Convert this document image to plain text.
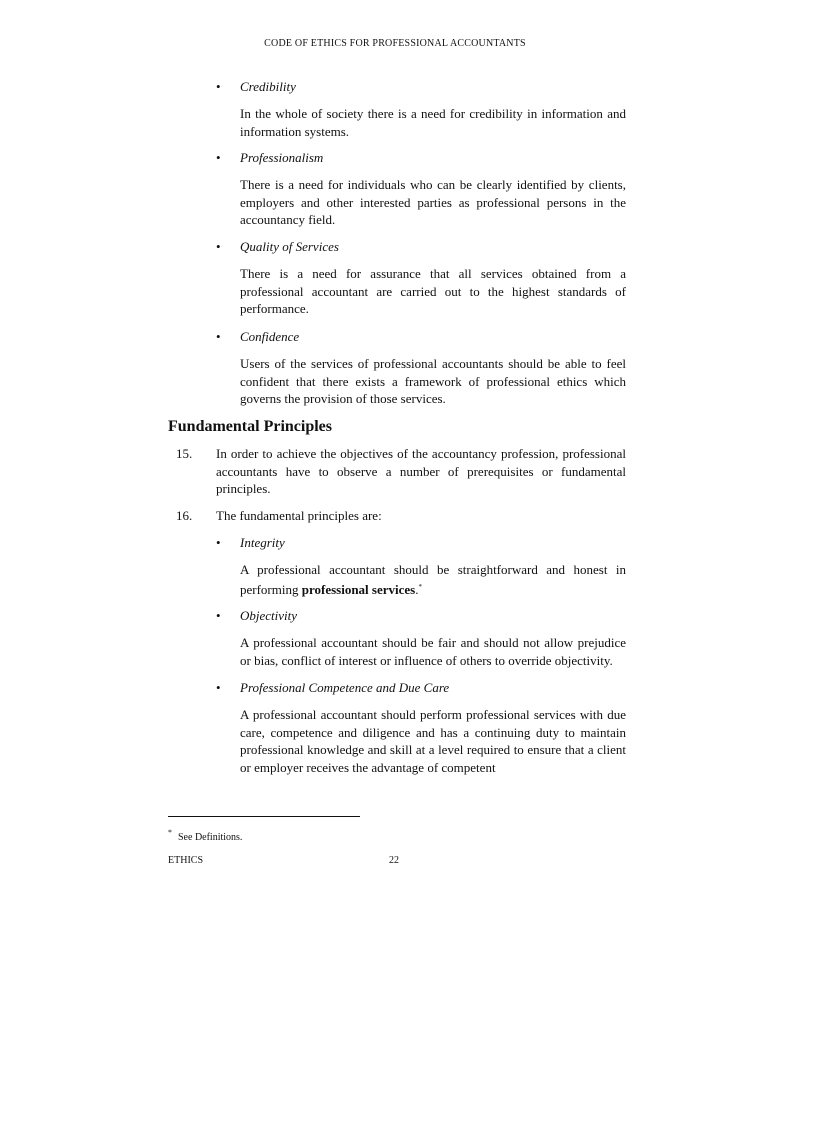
CODE OF ETHICS FOR PROFESSIONAL ACCOUNTANTS
• Credibility
In the whole of society there is a need for credibility in information and information systems.
• Professionalism
There is a need for individuals who can be clearly identified by clients, employers and other interested parties as professional persons in the accountancy field.
• Quality of Services
There is a need for assurance that all services obtained from a professional accountant are carried out to the highest standards of performance.
• Confidence
Users of the services of professional accountants should be able to feel confident that there exists a framework of professional ethics which governs the provision of those services.
Fundamental Principles
15. In order to achieve the objectives of the accountancy profession, professional accountants have to observe a number of prerequisites or fundamental principles.
16. The fundamental principles are:
• Integrity
A professional accountant should be straightforward and honest in performing professional services.*
• Objectivity
A professional accountant should be fair and should not allow prejudice or bias, conflict of interest or influence of others to override objectivity.
• Professional Competence and Due Care
A professional accountant should perform professional services with due care, competence and diligence and has a continuing duty to maintain professional knowledge and skill at a level required to ensure that a client or employer receives the advantage of competent
* See Definitions.
ETHICS	22
